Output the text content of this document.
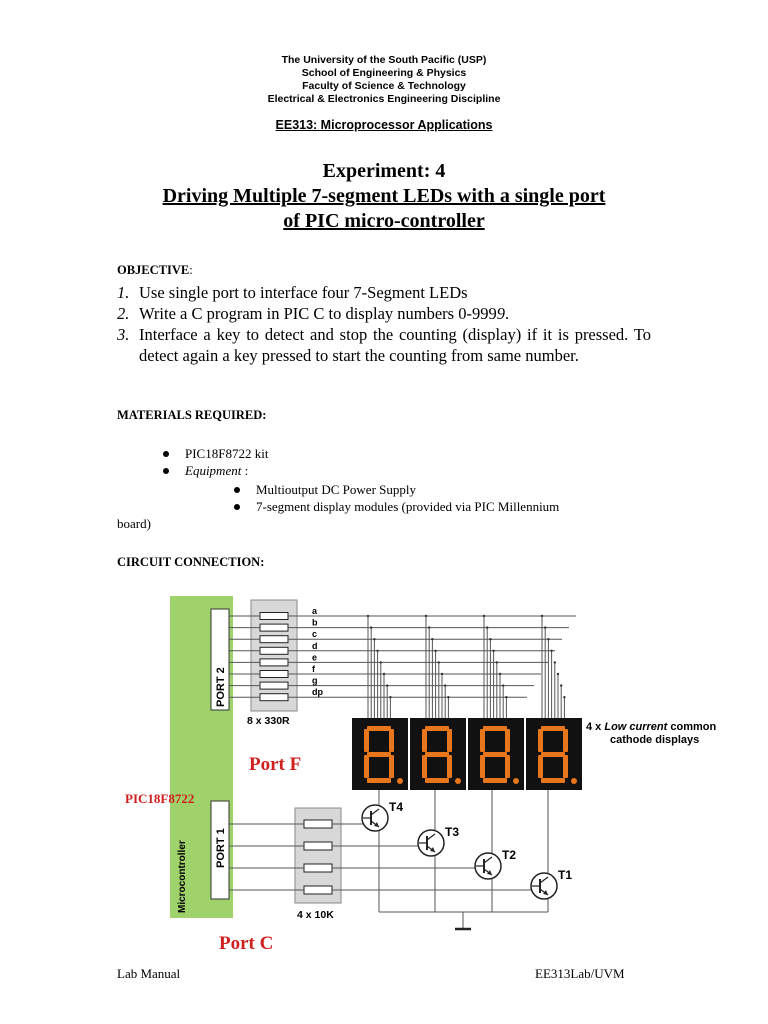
The University of the South Pacific (USP)
School of Engineering & Physics
Faculty of Science & Technology
Electrical & Electronics Engineering Discipline
EE313: Microprocessor Applications
Experiment: 4
Driving Multiple 7-segment LEDs with a single port
of PIC micro-controller
OBJECTIVE:
1. Use single port to interface four 7-Segment LEDs
2. Write a C program in PIC C to display numbers 0-9999.
3. Interface a key to detect and stop the counting (display) if it is pressed. To detect again a key pressed to start the counting from same number.
MATERIALS REQUIRED:
PIC18F8722 kit
Equipment :
Multioutput DC Power Supply
7-segment display modules (provided via PIC Millennium
board)
CIRCUIT CONNECTION:
PORT 2
PORT 1
Microcontroller
8 x 330R
a
b
c
d
e
f
g
dp
4 x Low current common
cathode displays
4 x 10K
T4
T3
T2
T1
Port F
PIC18F8722
Port C
Lab Manual	EE313Lab/UVM
